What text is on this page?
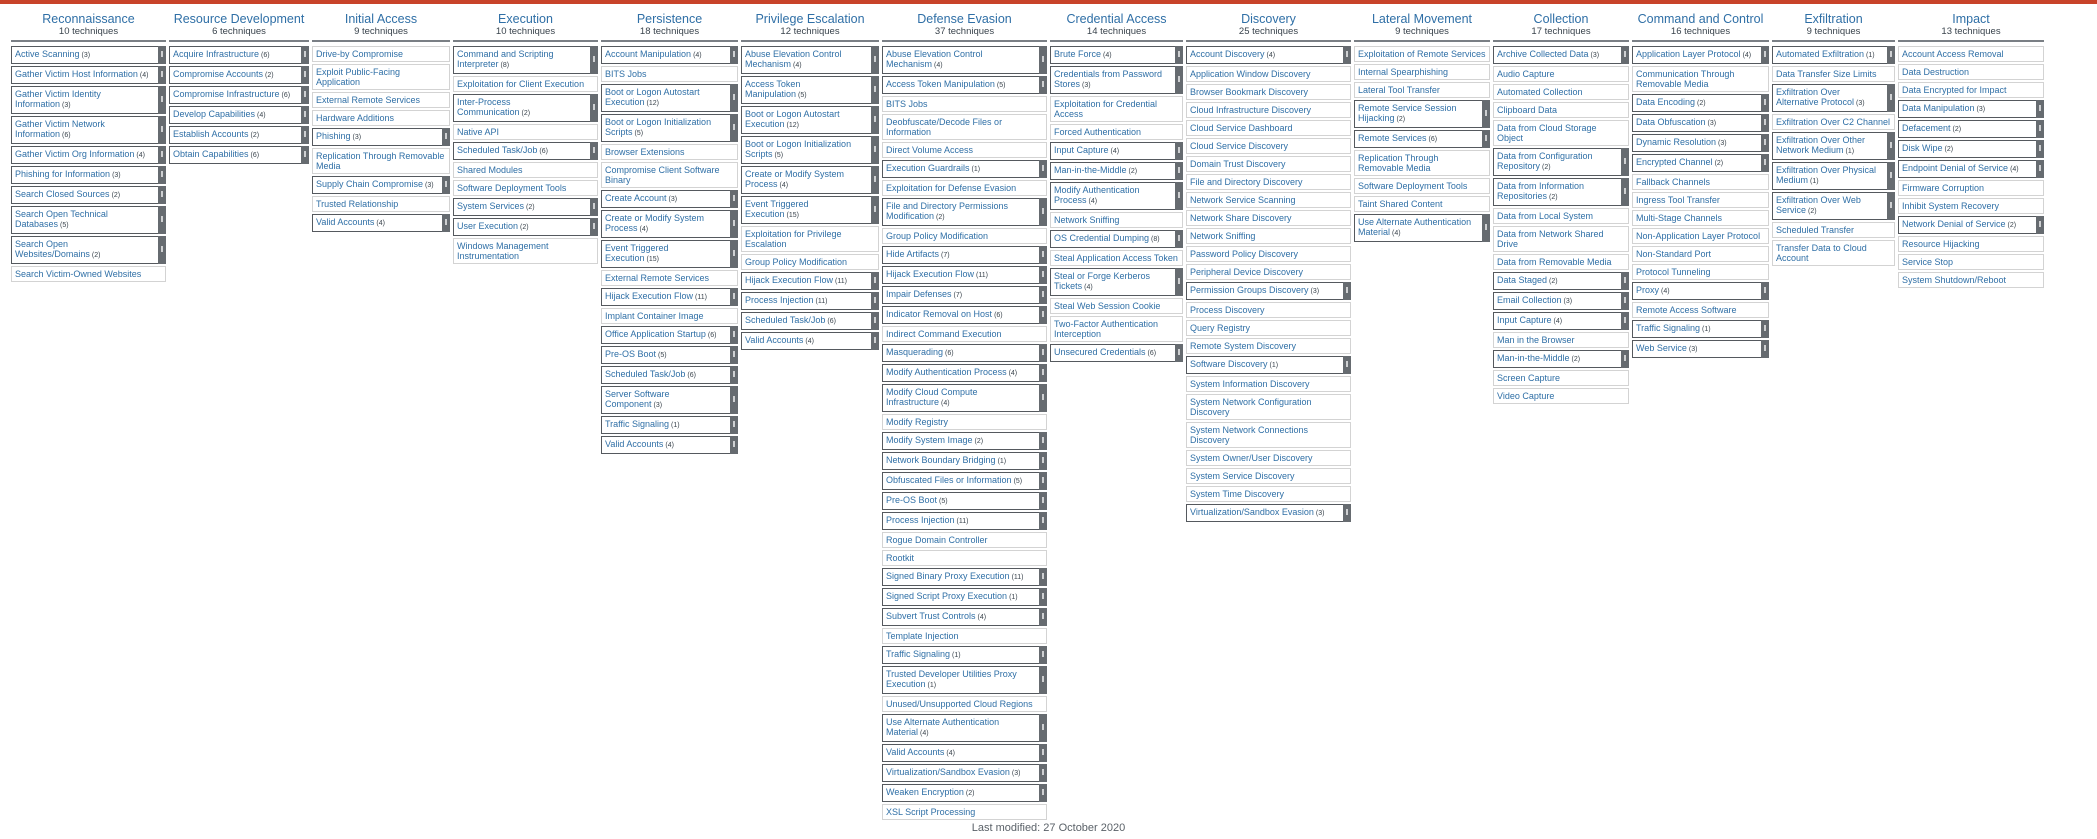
Reconnaissance
10 techniques
Active Scanning (3)	‖
Gather Victim Host Information (4) ‖
Gather Victim Identity Information (3)
‖
Gather Victim Network Information (6)
‖
Gather Victim Org Information (4) ‖
Phishing for Information (3)	‖
Search Closed Sources (2)	‖
Search Open Technical Databases (5)
‖
Search Open Websites/Domains (2)
‖
Search Victim-Owned Websites
Resource Development
6 techniques
Acquire Infrastructure (6)	‖
Compromise Accounts (2)	‖
Compromise Infrastructure (6) ‖
Develop Capabilities (4)	‖
Establish Accounts (2)	‖
Obtain Capabilities (6)	‖
Initial Access
9 techniques
Drive-by Compromise
Exploit Public-Facing Application
External Remote Services
Hardware Additions
Phishing (3)	‖
Replication Through Removable Media
Supply Chain Compromise (3) ‖
Trusted Relationship
Valid Accounts (4)	‖
Execution
10 techniques
Command and Scripting Interpreter (8)
‖
Exploitation for Client Execution
Inter-Process Communication (2)
‖
Native API
Scheduled Task/Job (6)	‖
Shared Modules
Software Deployment Tools
System Services (2)	‖
User Execution (2)	‖
Windows Management Instrumentation
Persistence
18 techniques
Account Manipulation (4)	‖
BITS Jobs
Boot or Logon Autostart Execution (12)
‖
Boot or Logon Initialization Scripts (5)
‖
Browser Extensions
Compromise Client Software Binary
Create Account (3)	‖
Create or Modify System Process (4)
‖
Event Triggered Execution (15)
‖
External Remote Services
Hijack Execution Flow (11)	‖
Implant Container Image
Office Application Startup (6) ‖
Pre-OS Boot (5)	‖
Scheduled Task/Job (6)	‖
Server Software Component (3)
‖
Traffic Signaling (1)	‖
Valid Accounts (4)	‖
Privilege Escalation
12 techniques
Abuse Elevation Control Mechanism (4)
‖
Access Token Manipulation (5)
‖
Boot or Logon Autostart Execution (12)
‖
Boot or Logon Initialization Scripts (5)
‖
Create or Modify System Process (4)
‖
Event Triggered Execution (15)
‖
Exploitation for Privilege Escalation
Group Policy Modification
Hijack Execution Flow (11)	‖
Process Injection (11)	‖
Scheduled Task/Job (6)	‖
Valid Accounts (4)	‖
Defense Evasion
37 techniques
Abuse Elevation Control Mechanism (4)
‖
Access Token Manipulation (5)	‖
BITS Jobs
Deobfuscate/Decode Files or Information
Direct Volume Access
Execution Guardrails (1)	‖
Exploitation for Defense Evasion
File and Directory Permissions Modification (2)
‖
Group Policy Modification
Hide Artifacts (7)	‖
Hijack Execution Flow (11)	‖
Impair Defenses (7)	‖
Indicator Removal on Host (6)	‖
Indirect Command Execution
Masquerading (6)	‖
Modify Authentication Process (4)	‖
Modify Cloud Compute Infrastructure (4)
‖
Modify Registry
Modify System Image (2)	‖
Network Boundary Bridging (1)	‖
Obfuscated Files or Information (5) ‖
Pre-OS Boot (5)	‖
Process Injection (11)	‖
Rogue Domain Controller
Rootkit
Signed Binary Proxy Execution (11) ‖
Signed Script Proxy Execution (1)	‖
Subvert Trust Controls (4)	‖
Template Injection
Traffic Signaling (1)	‖
Trusted Developer Utilities Proxy Execution (1)
‖
Unused/Unsupported Cloud Regions
Use Alternate Authentication Material (4)
‖
Valid Accounts (4)	‖
Virtualization/Sandbox Evasion (3)	‖
Weaken Encryption (2)	‖
XSL Script Processing
Credential Access
14 techniques
Brute Force (4)	‖
Credentials from Password Stores (3)
‖
Exploitation for Credential Access
Forced Authentication
Input Capture (4)	‖
Man-in-the-Middle (2)	‖
Modify Authentication Process (4)
‖
Network Sniffing
OS Credential Dumping (8) ‖
Steal Application Access Token
Steal or Forge Kerberos Tickets (4)
‖
Steal Web Session Cookie
Two-Factor Authentication Interception
Unsecured Credentials (6)	‖
Discovery
25 techniques
Account Discovery (4)	‖
Application Window Discovery
Browser Bookmark Discovery
Cloud Infrastructure Discovery
Cloud Service Dashboard
Cloud Service Discovery
Domain Trust Discovery
File and Directory Discovery
Network Service Scanning
Network Share Discovery
Network Sniffing
Password Policy Discovery
Peripheral Device Discovery
Permission Groups Discovery (3)	‖
Process Discovery
Query Registry
Remote System Discovery
Software Discovery (1)	‖
System Information Discovery
System Network Configuration Discovery
System Network Connections Discovery
System Owner/User Discovery
System Service Discovery
System Time Discovery
Virtualization/Sandbox Evasion (3)	‖
Lateral Movement
9 techniques
Exploitation of Remote Services
Internal Spearphishing
Lateral Tool Transfer
Remote Service Session Hijacking (2)
‖
Remote Services (6)	‖
Replication Through Removable Media
Software Deployment Tools
Taint Shared Content
Use Alternate Authentication Material (4)
‖
Collection
17 techniques
Archive Collected Data (3)	‖
Audio Capture
Automated Collection
Clipboard Data
Data from Cloud Storage Object
Data from Configuration Repository (2)
‖
Data from Information Repositories (2)
‖
Data from Local System
Data from Network Shared Drive
Data from Removable Media
Data Staged (2)	‖
Email Collection (3)	‖
Input Capture (4)	‖
Man in the Browser
Man-in-the-Middle (2)	‖
Screen Capture
Video Capture
Command and Control
16 techniques
Application Layer Protocol (4) ‖
Communication Through Removable Media
Data Encoding (2)	‖
Data Obfuscation (3)	‖
Dynamic Resolution (3)	‖
Encrypted Channel (2)	‖
Fallback Channels
Ingress Tool Transfer
Multi-Stage Channels
Non-Application Layer Protocol
Non-Standard Port
Protocol Tunneling
Proxy (4)	‖
Remote Access Software
Traffic Signaling (1)	‖
Web Service (3)	‖
Exfiltration
9 techniques
Automated Exfiltration (1) ‖
Data Transfer Size Limits
Exfiltration Over Alternative Protocol (3)
‖
Exfiltration Over C2 Channel
Exfiltration Over Other Network Medium (1)
‖
Exfiltration Over Physical Medium (1)
‖
Exfiltration Over Web Service (2)
‖
Scheduled Transfer
Transfer Data to Cloud Account
Impact
13 techniques
Account Access Removal
Data Destruction
Data Encrypted for Impact
Data Manipulation (3)	‖
Defacement (2)	‖
Disk Wipe (2)	‖
Endpoint Denial of Service (4) ‖
Firmware Corruption
Inhibit System Recovery
Network Denial of Service (2)	‖
Resource Hijacking
Service Stop
System Shutdown/Reboot
Last modified: 27 October 2020
